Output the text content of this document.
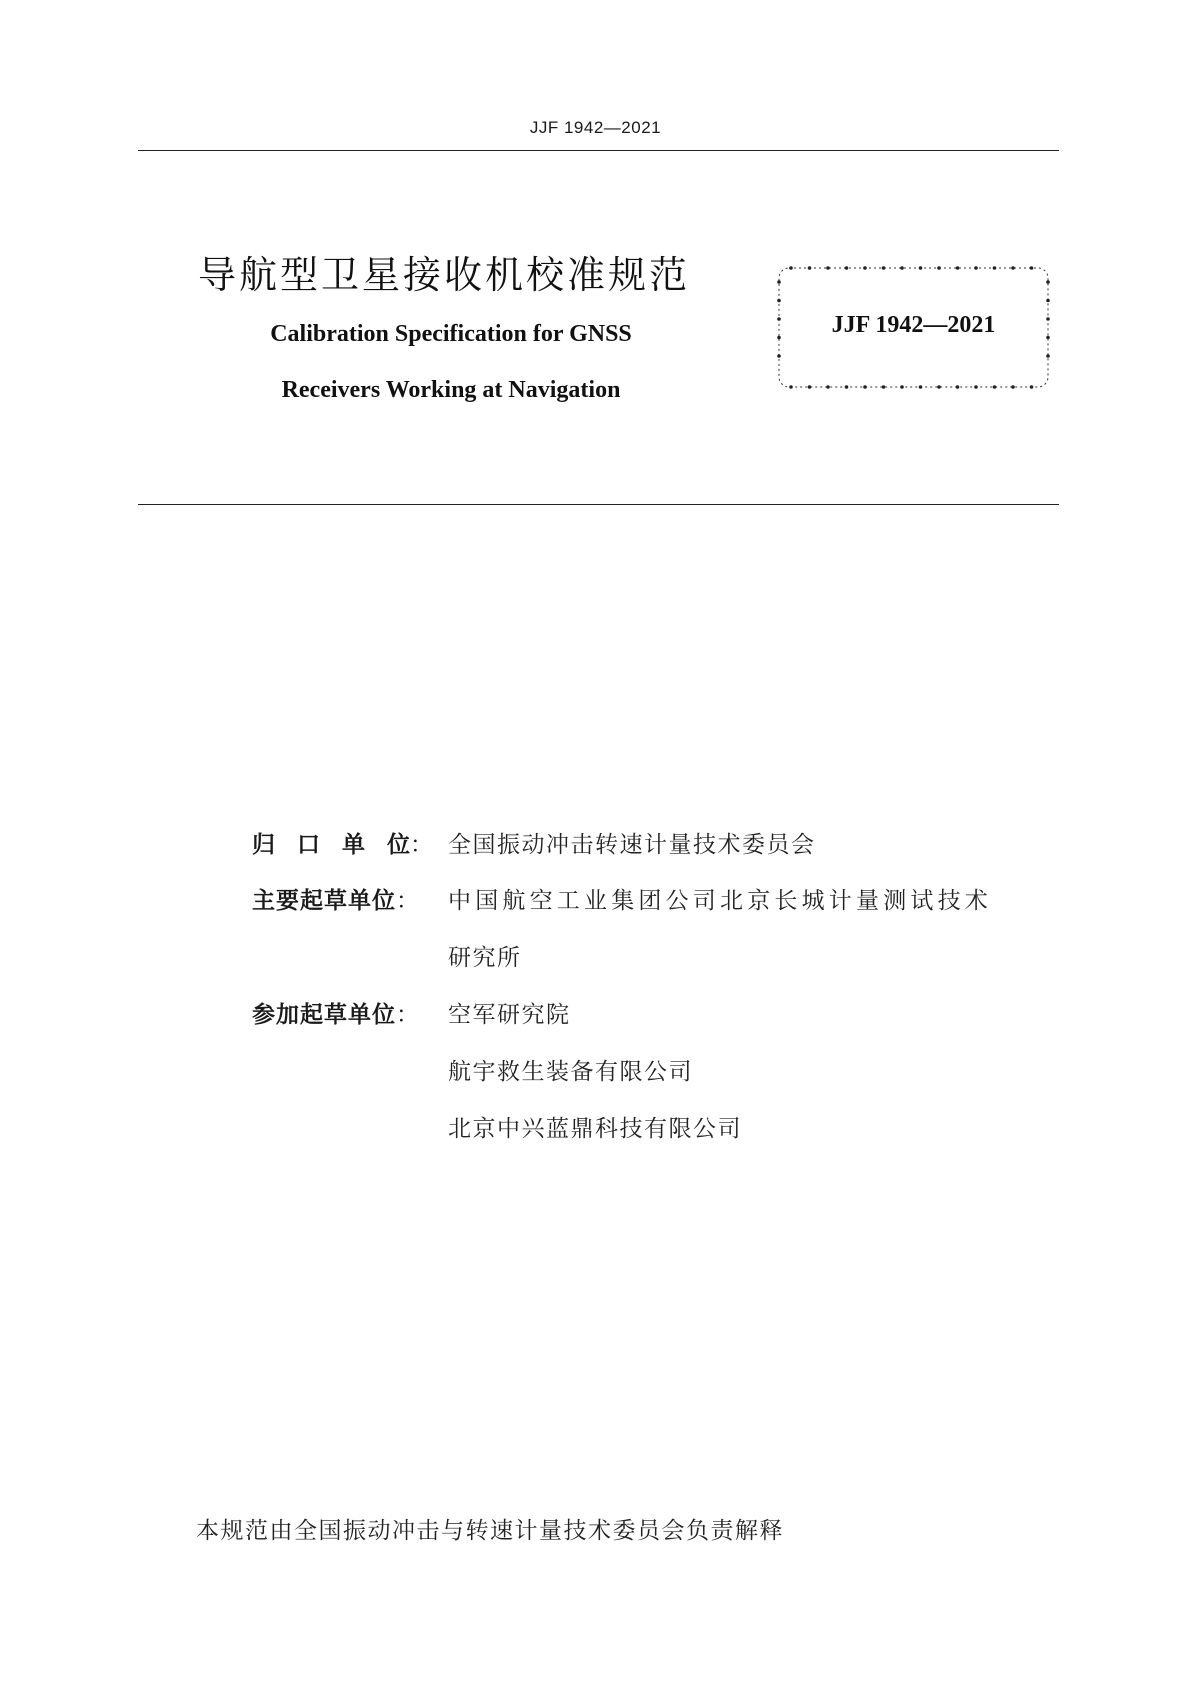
JJF 1942—2021
导航型卫星接收机校准规范
Calibration Specification for GNSS
Receivers Working at Navigation
JJF 1942—2021
归口单位： 全国振动冲击转速计量技术委员会
主要起草单位： 中国航空工业集团公司北京长城计量测试技术
研究所
参加起草单位： 空军研究院
航宇救生装备有限公司
北京中兴蓝鼎科技有限公司
本规范由全国振动冲击与转速计量技术委员会负责解释
